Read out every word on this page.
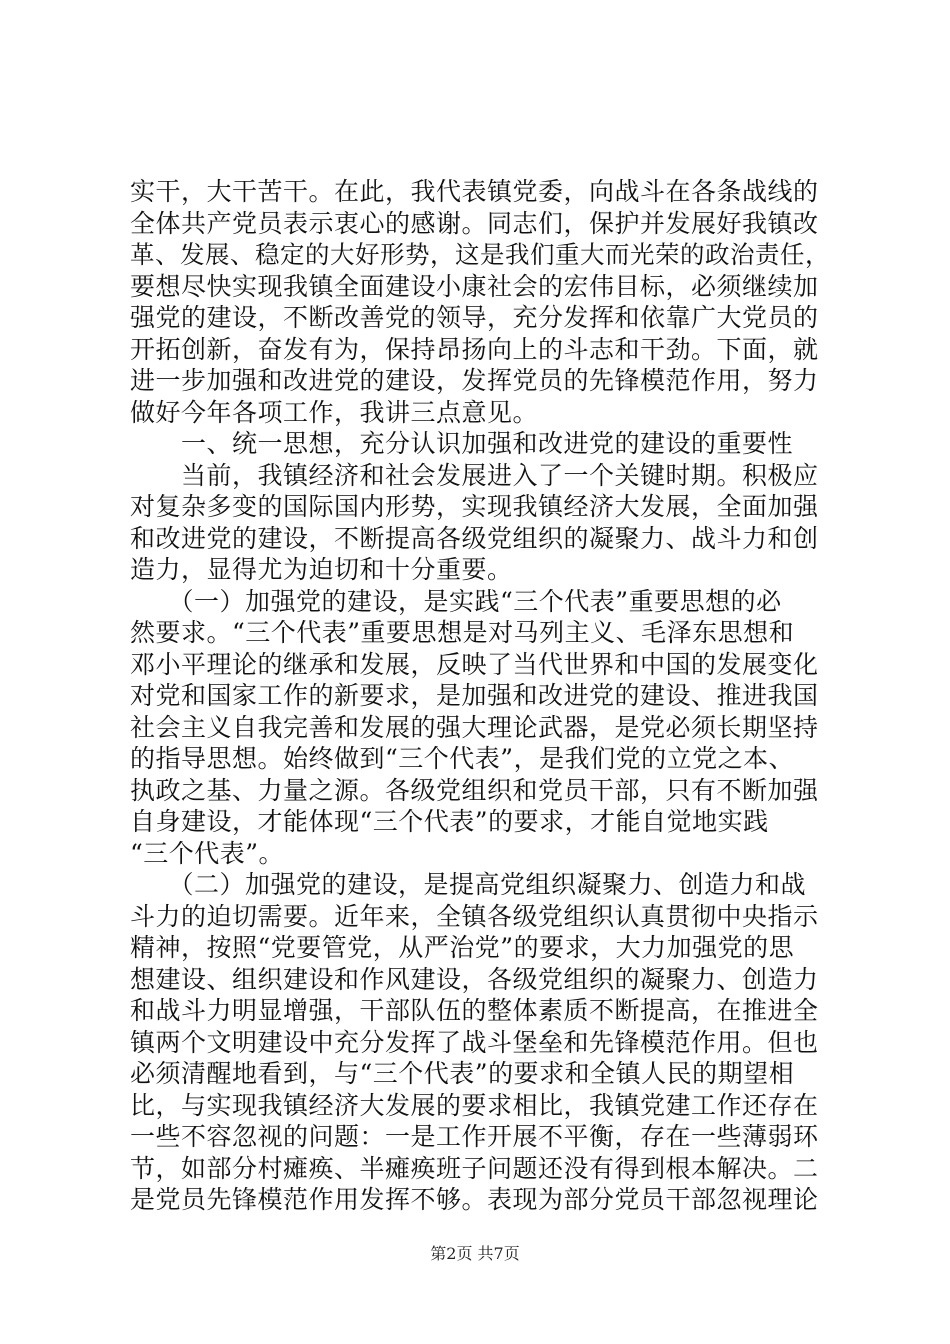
实干，大干苦干。在此，我代表镇党委，向战斗在各条战线的
全体共产党员表示衷心的感谢。同志们，保护并发展好我镇改
革、发展、稳定的大好形势，这是我们重大而光荣的政治责任，
要想尽快实现我镇全面建设小康社会的宏伟目标，必须继续加
强党的建设，不断改善党的领导，充分发挥和依靠广大党员的
开拓创新，奋发有为，保持昂扬向上的斗志和干劲。下面，就
进一步加强和改进党的建设，发挥党员的先锋模范作用，努力
做好今年各项工作，我讲三点意见。
　　一、统一思想，充分认识加强和改进党的建设的重要性
　　当前，我镇经济和社会发展进入了一个关键时期。积极应
对复杂多变的国际国内形势，实现我镇经济大发展，全面加强
和改进党的建设，不断提高各级党组织的凝聚力、战斗力和创
造力，显得尤为迫切和十分重要。
　　（一）加强党的建设，是实践“三个代表”重要思想的必
然要求。“三个代表”重要思想是对马列主义、毛泽东思想和
邓小平理论的继承和发展，反映了当代世界和中国的发展变化
对党和国家工作的新要求，是加强和改进党的建设、推进我国
社会主义自我完善和发展的强大理论武器，是党必须长期坚持
的指导思想。始终做到“三个代表”，是我们党的立党之本、
执政之基、力量之源。各级党组织和党员干部，只有不断加强
自身建设，才能体现“三个代表”的要求，才能自觉地实践
“三个代表”。
　　（二）加强党的建设，是提高党组织凝聚力、创造力和战
斗力的迫切需要。近年来，全镇各级党组织认真贯彻中央指示
精神，按照“党要管党，从严治党”的要求，大力加强党的思
想建设、组织建设和作风建设，各级党组织的凝聚力、创造力
和战斗力明显增强，干部队伍的整体素质不断提高，在推进全
镇两个文明建设中充分发挥了战斗堡垒和先锋模范作用。但也
必须清醒地看到，与“三个代表”的要求和全镇人民的期望相
比，与实现我镇经济大发展的要求相比，我镇党建工作还存在
一些不容忽视的问题：一是工作开展不平衡，存在一些薄弱环
节，如部分村瘫痪、半瘫痪班子问题还没有得到根本解决。二
是党员先锋模范作用发挥不够。表现为部分党员干部忽视理论
第2页 共7页
